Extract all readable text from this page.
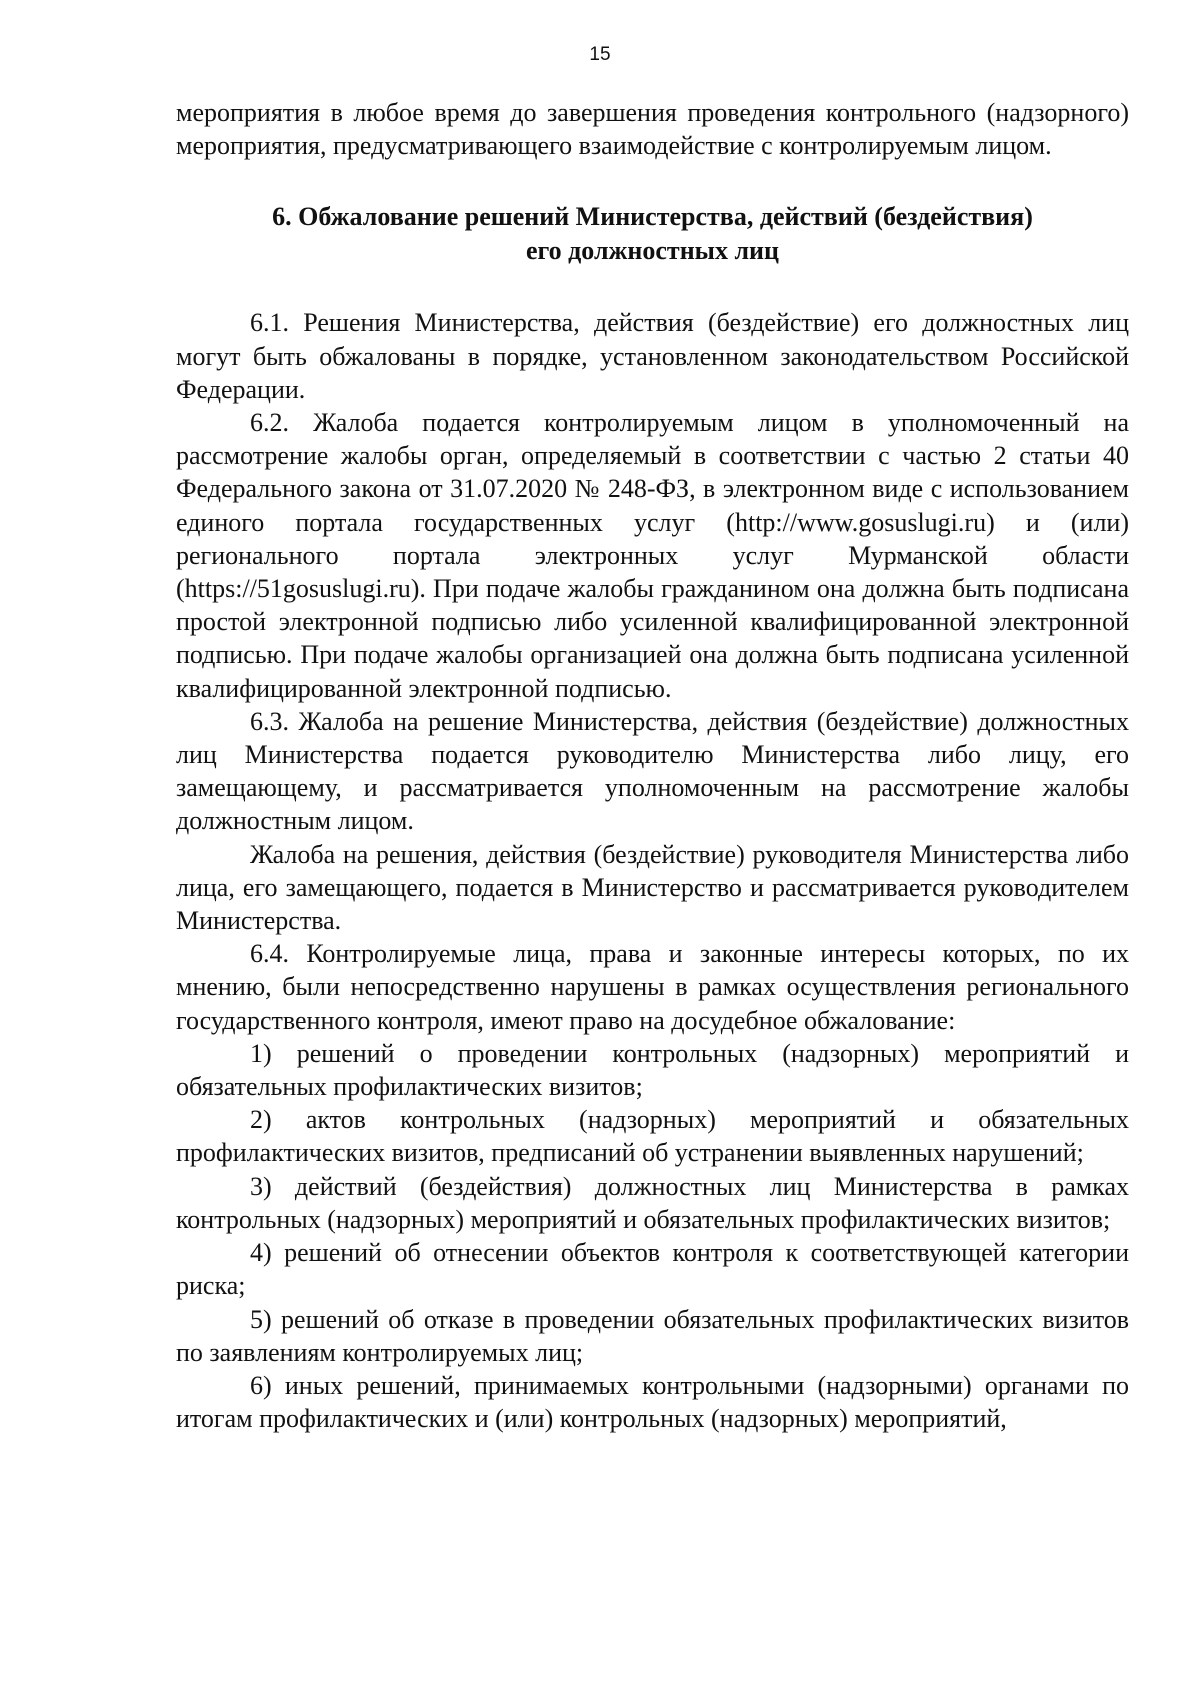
15

мероприятия в любое время до завершения проведения контрольного (надзорного) мероприятия, предусматривающего взаимодействие с контролируемым лицом.

6. Обжалование решений Министерства, действий (бездействия)
его должностных лиц

6.1. Решения Министерства, действия (бездействие) его должностных лиц могут быть обжалованы в порядке, установленном законодательством Российской Федерации.

6.2. Жалоба подается контролируемым лицом в уполномоченный на рассмотрение жалобы орган, определяемый в соответствии с частью 2 статьи 40 Федерального закона от 31.07.2020 № 248-ФЗ, в электронном виде с использованием единого портала государственных услуг (http://www.gosuslugi.ru) и (или) регионального портала электронных услуг Мурманской области (https://51gosuslugi.ru). При подаче жалобы гражданином она должна быть подписана простой электронной подписью либо усиленной квалифицированной электронной подписью. При подаче жалобы организацией она должна быть подписана усиленной квалифицированной электронной подписью.

6.3. Жалоба на решение Министерства, действия (бездействие) должностных лиц Министерства подается руководителю Министерства либо лицу, его замещающему, и рассматривается уполномоченным на рассмотрение жалобы должностным лицом.

Жалоба на решения, действия (бездействие) руководителя Министерства либо лица, его замещающего, подается в Министерство и рассматривается руководителем Министерства.

6.4. Контролируемые лица, права и законные интересы которых, по их мнению, были непосредственно нарушены в рамках осуществления регионального государственного контроля, имеют право на досудебное обжалование:

1) решений о проведении контрольных (надзорных) мероприятий и обязательных профилактических визитов;

2) актов контрольных (надзорных) мероприятий и обязательных профилактических визитов, предписаний об устранении выявленных нарушений;

3) действий (бездействия) должностных лиц Министерства в рамках контрольных (надзорных) мероприятий и обязательных профилактических визитов;

4) решений об отнесении объектов контроля к соответствующей категории риска;

5) решений об отказе в проведении обязательных профилактических визитов по заявлениям контролируемых лиц;

6) иных решений, принимаемых контрольными (надзорными) органами по итогам профилактических и (или) контрольных (надзорных) мероприятий,
